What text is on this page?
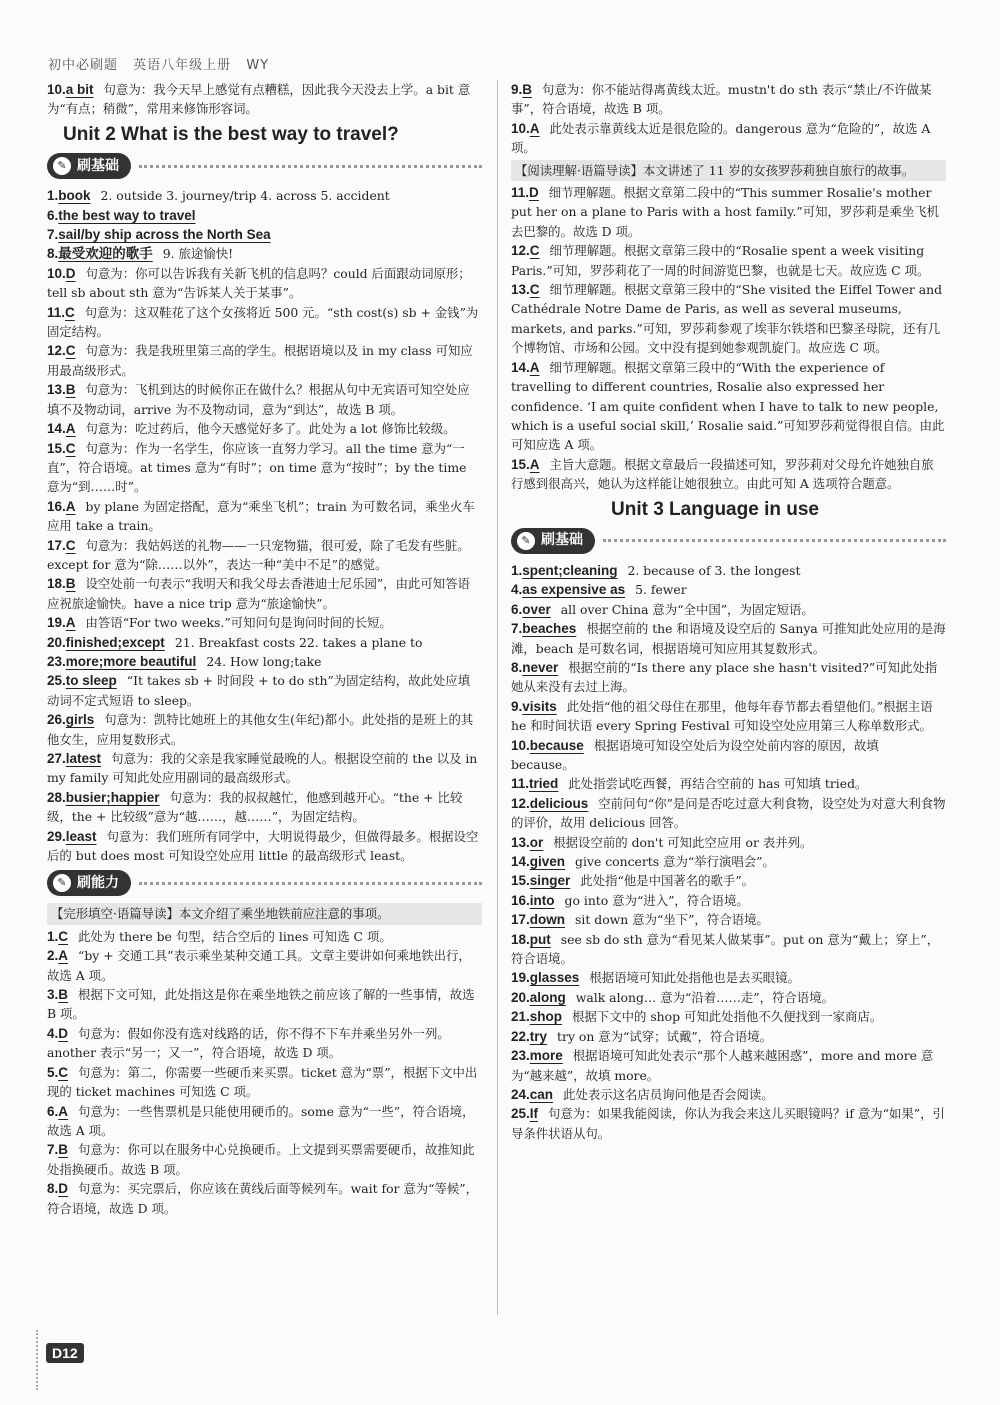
初中必刷题 英语八年级上册 WY

10.a bit 句意为：我今天早上感觉有点糟糕，因此我今天没去上学。a bit 意为“有点；稍微”，常用来修饰形容词。

Unit 2 What is the best way to travel?
✎ 刷基础

1.book 2. outside 3. journey/trip 4. across 5. accident

6.the best way to travel

7.sail/by ship across the North Sea

8.最受欢迎的歌手 9. 旅途愉快!

10.D 句意为：你可以告诉我有关新飞机的信息吗？could 后面跟动词原形；tell sb about sth 意为“告诉某人关于某事”。

11.C 句意为：这双鞋花了这个女孩将近 500 元。“sth cost(s) sb + 金钱”为固定结构。

12.C 句意为：我是我班里第三高的学生。根据语境以及 in my class 可知应用最高级形式。

13.B 句意为：飞机到达的时候你正在做什么？根据从句中无宾语可知空处应填不及物动词，arrive 为不及物动词，意为“到达”，故选 B 项。

14.A 句意为：吃过药后，他今天感觉好多了。此处为 a lot 修饰比较级。

15.C 句意为：作为一名学生，你应该一直努力学习。all the time 意为“一直”，符合语境。at times 意为“有时”；on time 意为“按时”；by the time 意为“到……时”。

16.A by plane 为固定搭配，意为“乘坐飞机”；train 为可数名词，乘坐火车应用 take a train。

17.C 句意为：我姑妈送的礼物——一只宠物猫，很可爱，除了毛发有些脏。except for 意为“除……以外”，表达一种“美中不足”的感觉。

18.B 设空处前一句表示“我明天和我父母去香港迪士尼乐园”，由此可知答语应祝旅途愉快。have a nice trip 意为“旅途愉快”。

19.A 由答语“For two weeks.”可知问句是询问时间的长短。

20.finished;except 21. Breakfast costs 22. takes a plane to

23.more;more beautiful 24. How long;take

25.to sleep “It takes sb + 时间段 + to do sth”为固定结构，故此处应填动词不定式短语 to sleep。

26.girls 句意为：凯特比她班上的其他女生(年纪)都小。此处指的是班上的其他女生，应用复数形式。

27.latest 句意为：我的父亲是我家睡觉最晚的人。根据设空前的 the 以及 in my family 可知此处应用副词的最高级形式。

28.busier;happier 句意为：我的叔叔越忙，他感到越开心。“the + 比较级，the + 比较级”意为“越……，越……”，为固定结构。

29.least 句意为：我们班所有同学中，大明说得最少，但做得最多。根据设空后的 but does most 可知设空处应用 little 的最高级形式 least。

✎ 刷能力
【完形填空·语篇导读】本文介绍了乘坐地铁前应注意的事项。

1.C 此处为 there be 句型，结合空后的 lines 可知选 C 项。

2.A “by + 交通工具”表示乘坐某种交通工具。文章主要讲如何乘地铁出行，故选 A 项。

3.B 根据下文可知，此处指这是你在乘坐地铁之前应该了解的一些事情，故选 B 项。

4.D 句意为：假如你没有选对线路的话，你不得不下车并乘坐另外一列。another 表示“另一；又一”，符合语境，故选 D 项。

5.C 句意为：第二，你需要一些硬币来买票。ticket 意为“票”，根据下文中出现的 ticket machines 可知选 C 项。

6.A 句意为：一些售票机是只能使用硬币的。some 意为“一些”，符合语境，故选 A 项。

7.B 句意为：你可以在服务中心兑换硬币。上文提到买票需要硬币，故推知此处指换硬币。故选 B 项。

8.D 句意为：买完票后，你应该在黄线后面等候列车。wait for 意为“等候”，符合语境，故选 D 项。

9.B 句意为：你不能站得离黄线太近。mustn't do sth 表示“禁止/不许做某事”，符合语境，故选 B 项。

10.A 此处表示靠黄线太近是很危险的。dangerous 意为“危险的”，故选 A 项。

【阅读理解·语篇导读】本文讲述了 11 岁的女孩罗莎莉独自旅行的故事。

11.D 细节理解题。根据文章第二段中的“This summer Rosalie's mother put her on a plane to Paris with a host family.”可知，罗莎莉是乘坐飞机去巴黎的。故选 D 项。

12.C 细节理解题。根据文章第三段中的“Rosalie spent a week visiting Paris.”可知，罗莎莉花了一周的时间游览巴黎，也就是七天。故应选 C 项。

13.C 细节理解题。根据文章第三段中的“She visited the Eiffel Tower and Cathédrale Notre Dame de Paris, as well as several museums, markets, and parks.”可知，罗莎莉参观了埃菲尔铁塔和巴黎圣母院，还有几个博物馆、市场和公园。文中没有提到她参观凯旋门。故应选 C 项。

14.A 细节理解题。根据文章第三段中的“With the experience of travelling to different countries, Rosalie also expressed her confidence. ‘I am quite confident when I have to talk to new people, which is a useful social skill,’ Rosalie said.”可知罗莎莉觉得很自信。由此可知应选 A 项。

15.A 主旨大意题。根据文章最后一段描述可知，罗莎莉对父母允许她独自旅行感到很高兴，她认为这样能让她很独立。由此可知 A 选项符合题意。

Unit 3 Language in use
✎ 刷基础

1.spent;cleaning 2. because of 3. the longest

4.as expensive as 5. fewer

6.over all over China 意为“全中国”，为固定短语。

7.beaches 根据空前的 the 和语境及设空后的 Sanya 可推知此处应用的是海滩，beach 是可数名词，根据语境可知应用其复数形式。

8.never 根据空前的“Is there any place she hasn't visited?”可知此处指她从来没有去过上海。

9.visits 此处指“他的祖父母住在那里，他每年春节都去看望他们。”根据主语 he 和时间状语 every Spring Festival 可知设空处应用第三人称单数形式。

10.because 根据语境可知设空处后为设空处前内容的原因，故填 because。

11.tried 此处指尝试吃西餐，再结合空前的 has 可知填 tried。

12.delicious 空前问句“你”是问是否吃过意大利食物，设空处为对意大利食物的评价，故用 delicious 回答。

13.or 根据设空前的 don't 可知此空应用 or 表并列。

14.given give concerts 意为“举行演唱会”。

15.singer 此处指“他是中国著名的歌手”。

16.into go into 意为“进入”，符合语境。

17.down sit down 意为“坐下”，符合语境。

18.put see sb do sth 意为“看见某人做某事”。put on 意为“戴上；穿上”，符合语境。

19.glasses 根据语境可知此处指他也是去买眼镜。

20.along walk along… 意为“沿着……走”，符合语境。

21.shop 根据下文中的 shop 可知此处指他不久便找到一家商店。

22.try try on 意为“试穿；试戴”，符合语境。

23.more 根据语境可知此处表示“那个人越来越困惑”，more and more 意为“越来越”，故填 more。

24.can 此处表示这名店员询问他是否会阅读。

25.If 句意为：如果我能阅读，你认为我会来这儿买眼镜吗？if 意为“如果”，引导条件状语从句。

D12
